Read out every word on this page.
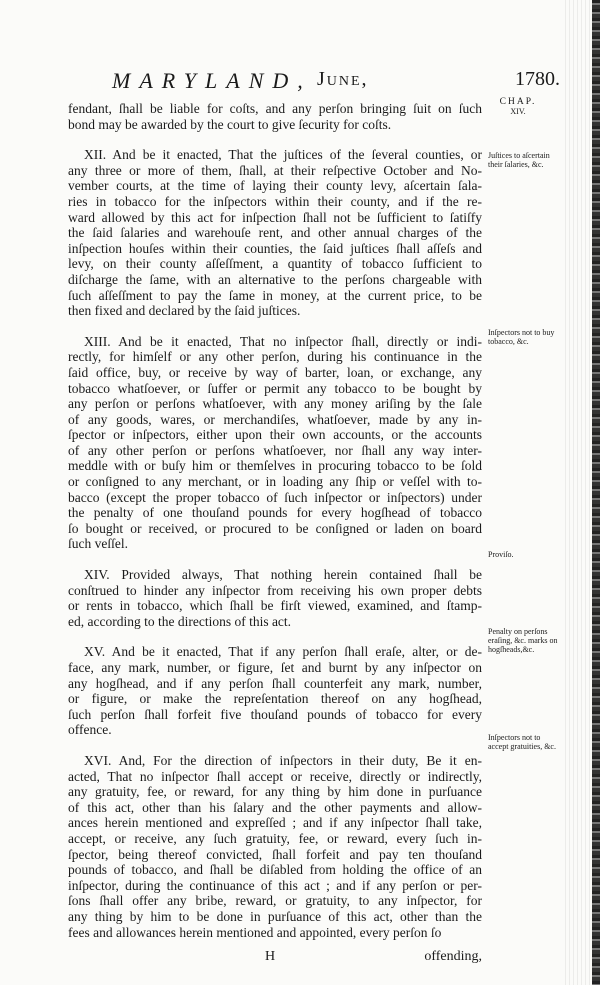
MARYLAND, June,	1780.
CHAP.
XIV.
fendant, ſhall be liable for coſts, and any perſon bringing ſuit on ſuch
bond may be awarded by the court to give ſecurity for coſts.
XII. And be it enacted, That the juſtices of the ſeveral counties, or
any three or more of them, ſhall, at their reſpective October and No-
vember courts, at the time of laying their county levy, aſcertain ſala-
ries in tobacco for the inſpectors within their county, and if the re-
ward allowed by this act for inſpection ſhall not be ſufficient to ſatiſfy
the ſaid ſalaries and warehouſe rent, and other annual charges of the
inſpection houſes within their counties, the ſaid juſtices ſhall aſſeſs and
levy, on their county aſſeſſment, a quantity of tobacco ſufficient to
diſcharge the ſame, with an alternative to the perſons chargeable with
ſuch aſſeſſment to pay the ſame in money, at the current price, to be
then fixed and declared by the ſaid juſtices.
XIII. And be it enacted, That no inſpector ſhall, directly or indi-
rectly, for himſelf or any other perſon, during his continuance in the
ſaid office, buy, or receive by way of barter, loan, or exchange, any
tobacco whatſoever, or ſuffer or permit any tobacco to be bought by
any perſon or perſons whatſoever, with any money ariſing by the ſale
of any goods, wares, or merchandiſes, whatſoever, made by any in-
ſpector or inſpectors, either upon their own accounts, or the accounts
of any other perſon or perſons whatſoever, nor ſhall any way inter-
meddle with or buſy him or themſelves in procuring tobacco to be ſold
or conſigned to any merchant, or in loading any ſhip or veſſel with to-
bacco (except the proper tobacco of ſuch inſpector or inſpectors) under
the penalty of one thouſand pounds for every hogſhead of tobacco
ſo bought or received, or procured to be conſigned or laden on board
ſuch veſſel.
XIV. Provided always, That nothing herein contained ſhall be
conſtrued to hinder any inſpector from receiving his own proper debts
or rents in tobacco, which ſhall be firſt viewed, examined, and ſtamp-
ed, according to the directions of this act.
XV. And be it enacted, That if any perſon ſhall eraſe, alter, or de-
face, any mark, number, or figure, ſet and burnt by any inſpector on
any hogſhead, and if any perſon ſhall counterfeit any mark, number,
or figure, or make the repreſentation thereof on any hogſhead,
ſuch perſon ſhall forfeit five thouſand pounds of tobacco for every
offence.
XVI. And, For the direction of inſpectors in their duty, Be it en-
acted, That no inſpector ſhall accept or receive, directly or indirectly,
any gratuity, fee, or reward, for any thing by him done in purſuance
of this act, other than his ſalary and the other payments and allow-
ances herein mentioned and expreſſed ; and if any inſpector ſhall take,
accept, or receive, any ſuch gratuity, fee, or reward, every ſuch in-
ſpector, being thereof convicted, ſhall forfeit and pay ten thouſand
pounds of tobacco, and ſhall be diſabled from holding the office of an
inſpector, during the continuance of this act ; and if any perſon or per-
ſons ſhall offer any bribe, reward, or gratuity, to any inſpector, for
any thing by him to be done in purſuance of this act, other than the
fees and allowances herein mentioned and appointed, every perſon ſo
H	offending,
Juſtices to aſcertain their ſalaries, &c.
Inſpectors not to buy tobacco, &c.
Proviſo.
Penalty on perſons eraſing, &c. marks on hogſheads,&c.
Inſpectors not to accept gratuities, &c.
